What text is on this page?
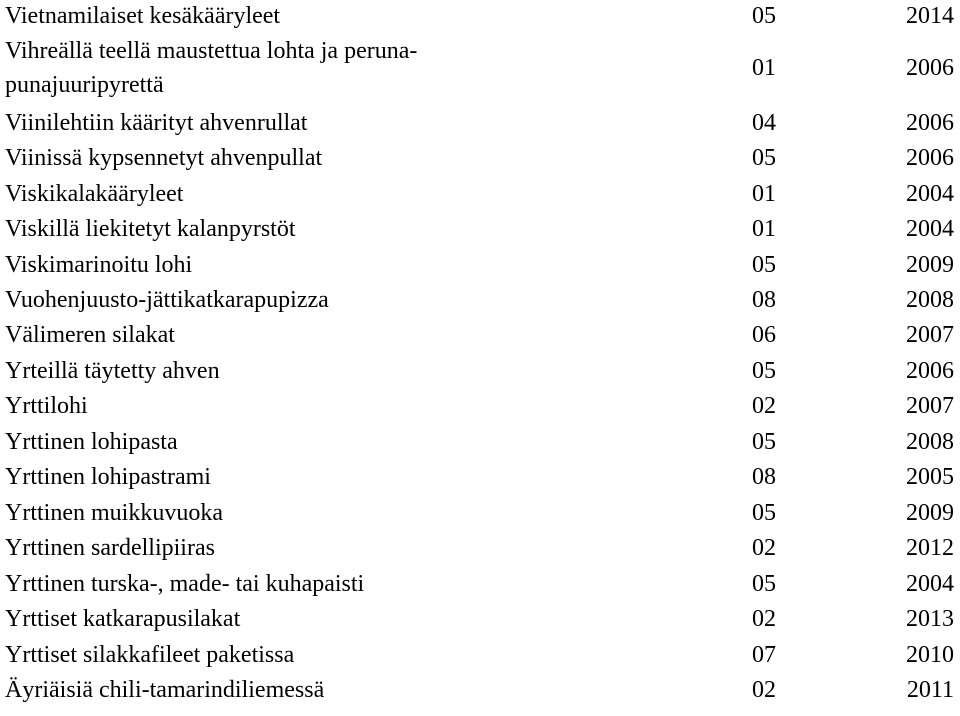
Vietnamilaiset kesäkääryleet	05	2014
Vihreällä teellä maustettua lohta ja peruna-
punajuuripyrettä
01	2006
Viinilehtiin käärityt ahvenrullat	04	2006
Viinissä kypsennetyt ahvenpullat	05	2006
Viskikalakääryleet	01	2004
Viskillä liekitetyt kalanpyrstöt	01	2004
Viskimarinoitu lohi	05	2009
Vuohenjuusto-jättikatkarapupizza	08	2008
Välimeren silakat	06	2007
Yrteillä täytetty ahven	05	2006
Yrttilohi	02	2007
Yrttinen lohipasta	05	2008
Yrttinen lohipastrami	08	2005
Yrttinen muikkuvuoka	05	2009
Yrttinen sardellipiiras	02	2012
Yrttinen turska-, made- tai kuhapaisti	05	2004
Yrttiset katkarapusilakat	02	2013
Yrttiset silakkafileet paketissa	07	2010
Äyriäisiä chili-tamarindiliemessä	02	2011
